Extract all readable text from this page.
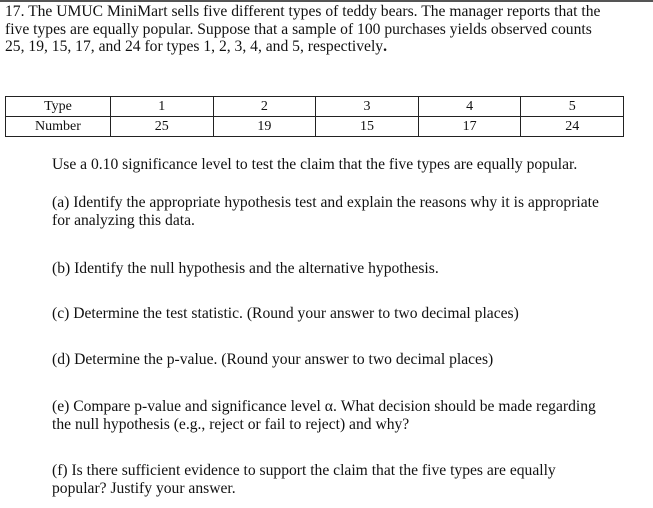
17. The UMUC MiniMart sells five different types of teddy bears. The manager reports that the

five types are equally popular. Suppose that a sample of 100 purchases yields observed counts

25, 19, 15, 17, and 24 for types 1, 2, 3, 4, and 5, respectively.

Type	1	2	3	4	5
Number	25	19	15	17	24

Use a 0.10 significance level to test the claim that the five types are equally popular.

(a) Identify the appropriate hypothesis test and explain the reasons why it is appropriate
for analyzing this data.

(b) Identify the null hypothesis and the alternative hypothesis.

(c) Determine the test statistic. (Round your answer to two decimal places)

(d) Determine the p-value. (Round your answer to two decimal places)

(e) Compare p-value and significance level α. What decision should be made regarding
the null hypothesis (e.g., reject or fail to reject) and why?

(f) Is there sufficient evidence to support the claim that the five types are equally
popular? Justify your answer.
